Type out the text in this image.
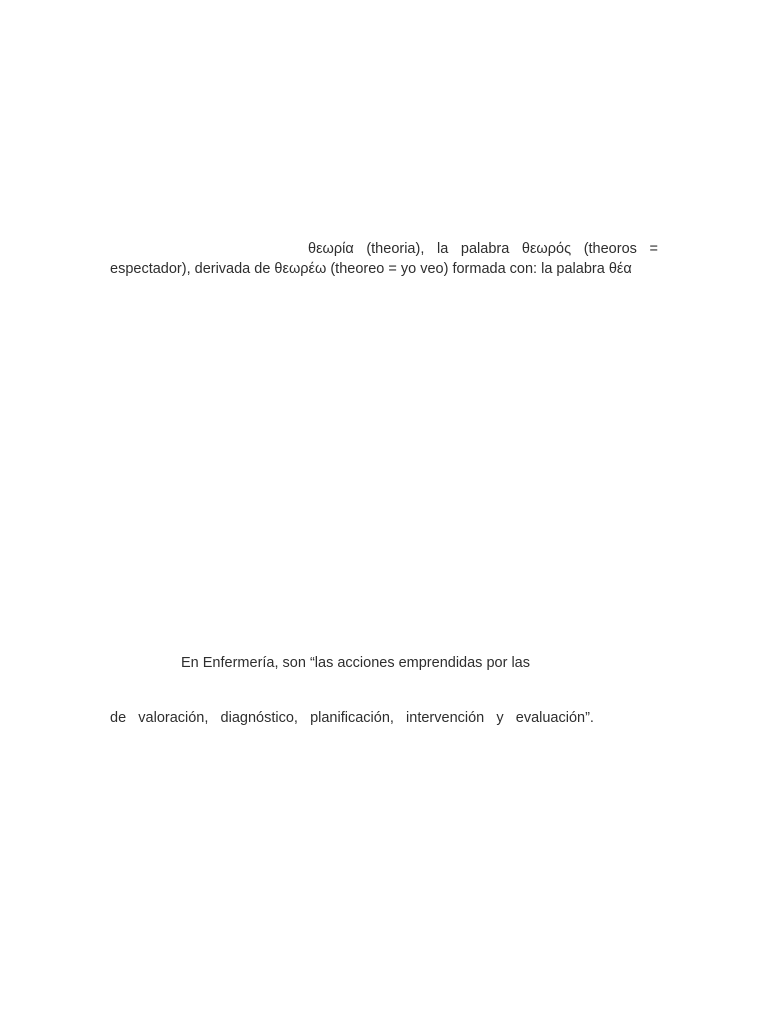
θεωρία (theoria), la palabra θεωρός (theoros =
espectador), derivada de θεωρέω (theoreo = yo veo) formada con: la palabra θέα
En Enfermería, son “las acciones emprendidas por las
de valoración, diagnóstico, planificación, intervención y evaluación”.
